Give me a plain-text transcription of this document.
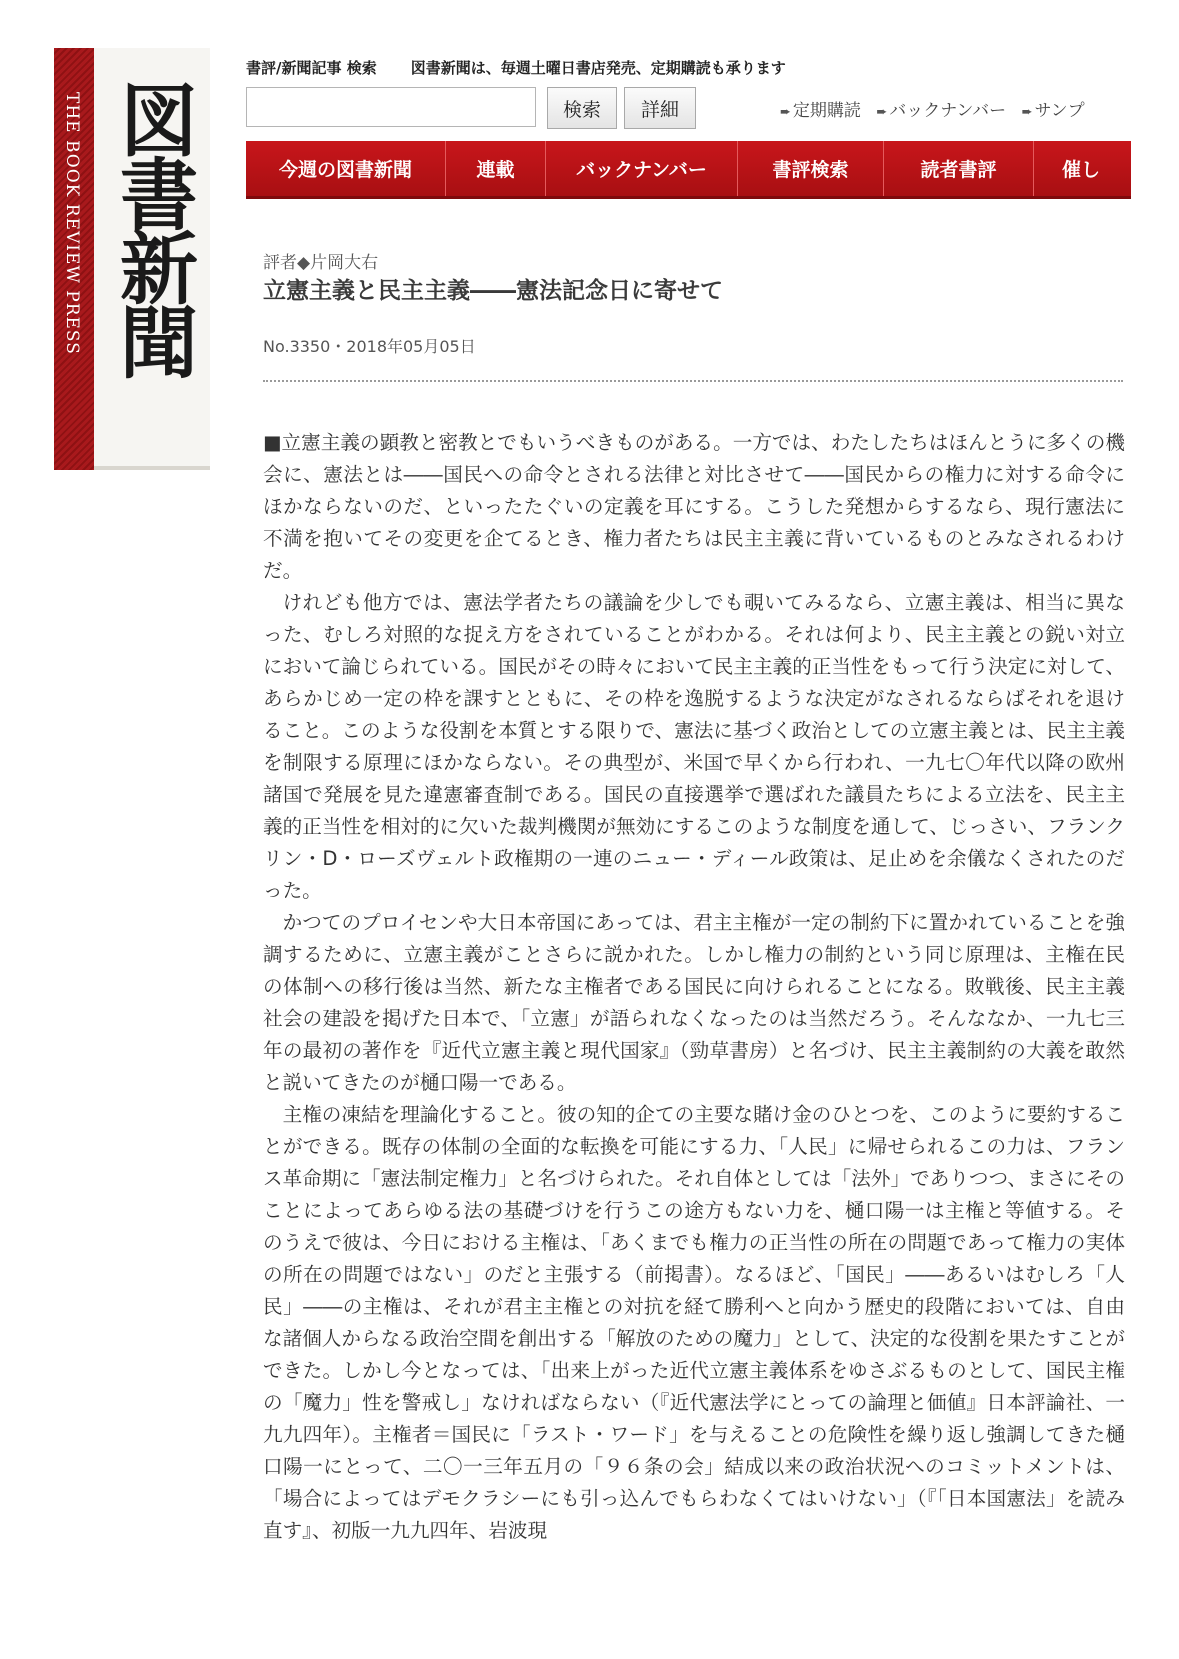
THE BOOK REVIEW PRESS 図書新聞
書評/新聞記事 検索 図書新聞は、毎週土曜日書店発売、定期購読も承ります
検索	詳細	➨ 定期購読 ➨ バックナンバー ➨ サンプ
今週の図書新聞	連載	バックナンバー	書評検索	読者書評	催し
評者◆片岡大右
立憲主義と民主主義――憲法記念日に寄せて
No.3350・2018年05月05日

■立憲主義の顕教と密教とでもいうべきものがある。一方では、わたしたちはほんとうに多くの機会に、憲法とは――国民への命令とされる法律と対比させて――国民からの権力に対する命令にほかならないのだ、といったたぐいの定義を耳にする。こうした発想からするなら、現行憲法に不満を抱いてその変更を企てるとき、権力者たちは民主主義に背いているものとみなされるわけだ。

けれども他方では、憲法学者たちの議論を少しでも覗いてみるなら、立憲主義は、相当に異なった、むしろ対照的な捉え方をされていることがわかる。それは何より、民主主義との鋭い対立において論じられている。国民がその時々において民主主義的正当性をもって行う決定に対して、あらかじめ一定の枠を課すとともに、その枠を逸脱するような決定がなされるならばそれを退けること。このような役割を本質とする限りで、憲法に基づく政治としての立憲主義とは、民主主義を制限する原理にほかならない。その典型が、米国で早くから行われ、一九七〇年代以降の欧州諸国で発展を見た違憲審査制である。国民の直接選挙で選ばれた議員たちによる立法を、民主主義的正当性を相対的に欠いた裁判機関が無効にするこのような制度を通して、じっさい、フランクリン・D・ローズヴェルト政権期の一連のニュー・ディール政策は、足止めを余儀なくされたのだった。

かつてのプロイセンや大日本帝国にあっては、君主主権が一定の制約下に置かれていることを強調するために、立憲主義がことさらに説かれた。しかし権力の制約という同じ原理は、主権在民の体制への移行後は当然、新たな主権者である国民に向けられることになる。敗戦後、民主主義社会の建設を掲げた日本で、「立憲」が語られなくなったのは当然だろう。そんななか、一九七三年の最初の著作を『近代立憲主義と現代国家』（勁草書房）と名づけ、民主主義制約の大義を敢然と説いてきたのが樋口陽一である。

主権の凍結を理論化すること。彼の知的企ての主要な賭け金のひとつを、このように要約することができる。既存の体制の全面的な転換を可能にする力、「人民」に帰せられるこの力は、フランス革命期に「憲法制定権力」と名づけられた。それ自体としては「法外」でありつつ、まさにそのことによってあらゆる法の基礎づけを行うこの途方もない力を、樋口陽一は主権と等値する。そのうえで彼は、今日における主権は、「あくまでも権力の正当性の所在の問題であって権力の実体の所在の問題ではない」のだと主張する（前掲書）。なるほど、「国民」――あるいはむしろ「人民」――の主権は、それが君主主権との対抗を経て勝利へと向かう歴史的段階においては、自由な諸個人からなる政治空間を創出する「解放のための魔力」として、決定的な役割を果たすことができた。しかし今となっては、「出来上がった近代立憲主義体系をゆさぶるものとして、国民主権の「魔力」性を警戒し」なければならない（『近代憲法学にとっての論理と価値』日本評論社、一九九四年）。主権者＝国民に「ラスト・ワード」を与えることの危険性を繰り返し強調してきた樋口陽一にとって、二〇一三年五月の「９６条の会」結成以来の政治状況へのコミットメントは、「場合によってはデモクラシーにも引っ込んでもらわなくてはいけない」（『「日本国憲法」を読み直す』、初版一九九四年、岩波現
